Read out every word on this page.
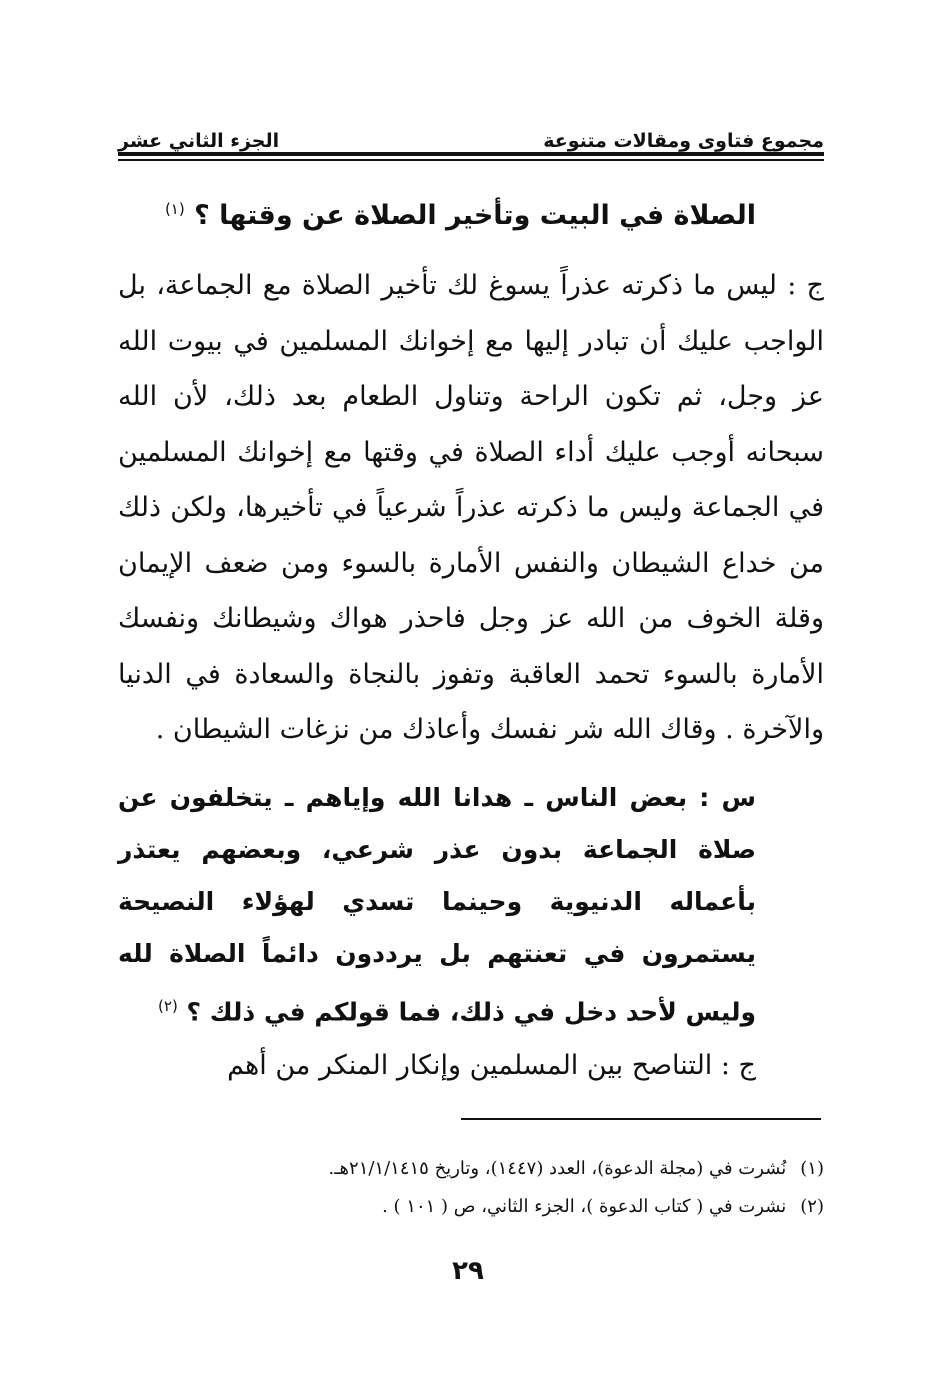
مجموع فتاوى ومقالات متنوعة
الجزء الثاني عشر
الصلاة في البيت وتأخير الصلاة عن وقتها ؟ $^{(١)}$
ج : ليس ما ذكرته عذراً يسوغ لك تأخير الصلاة مع الجماعة، بل الواجب عليك أن تبادر إليها مع إخوانك المسلمين في بيوت الله عز وجل، ثم تكون الراحة وتناول الطعام بعد ذلك، لأن الله سبحانه أوجب عليك أداء الصلاة في وقتها مع إخوانك المسلمين في الجماعة وليس ما ذكرته عذراً شرعياً في تأخيرها، ولكن ذلك من خداع الشيطان والنفس الأمارة بالسوء ومن ضعف الإيمان وقلة الخوف من الله عز وجل فاحذر هواك وشيطانك ونفسك الأمارة بالسوء تحمد العاقبة وتفوز بالنجاة والسعادة في الدنيا والآخرة . وقاك الله شر نفسك وأعاذك من نزغات الشيطان .
س : بعض الناس ـ هدانا الله وإياهم ـ يتخلفون عن صلاة الجماعة بدون عذر شرعي، وبعضهم يعتذر بأعماله الدنيوية وحينما تسدي لهؤلاء النصيحة يستمرون في تعنتهم بل يرددون دائماً الصلاة لله وليس لأحد دخل في ذلك، فما قولكم في ذلك ؟ $^{(٢)}$
ج : التناصح بين المسلمين وإنكار المنكر من أهم
(١)
نُشرت في (مجلة الدعوة)، العدد (١٤٤٧)، وتاريخ ٢١/١/١٤١٥هـ.
(٢)
نشرت في ( كتاب الدعوة )، الجزء الثاني، ص ( ١٠١ ) .
٢٩
